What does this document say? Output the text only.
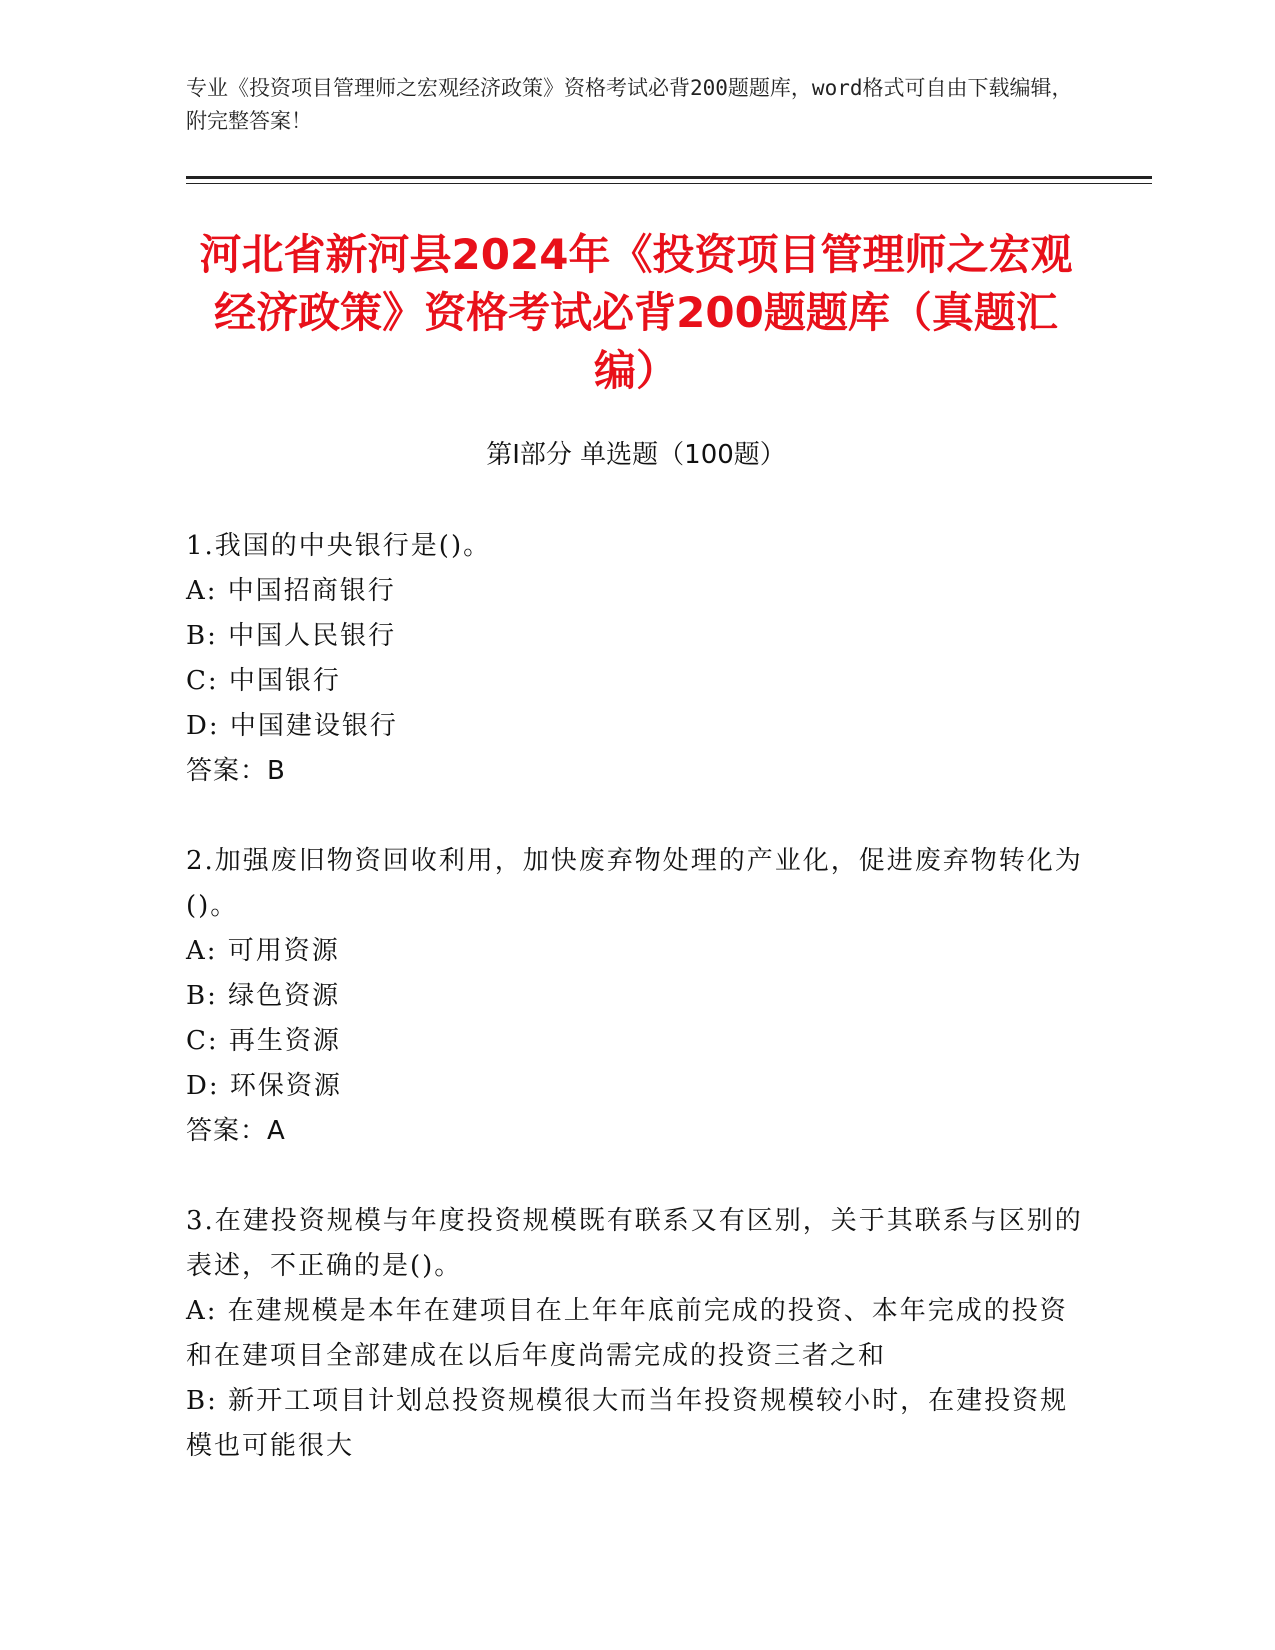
专业《投资项目管理师之宏观经济政策》资格考试必背200题题库，word格式可自由下载编辑，附完整答案！
河北省新河县2024年《投资项目管理师之宏观经济政策》资格考试必背200题题库（真题汇编）
第I部分 单选题（100题）
1.我国的中央银行是()。
A: 中国招商银行
B: 中国人民银行
C: 中国银行
D: 中国建设银行
答案：B
2.加强废旧物资回收利用，加快废弃物处理的产业化，促进废弃物转化为()。
A: 可用资源
B: 绿色资源
C: 再生资源
D: 环保资源
答案：A
3.在建投资规模与年度投资规模既有联系又有区别，关于其联系与区别的表述，不正确的是()。
A: 在建规模是本年在建项目在上年年底前完成的投资、本年完成的投资和在建项目全部建成在以后年度尚需完成的投资三者之和
B: 新开工项目计划总投资规模很大而当年投资规模较小时，在建投资规模也可能很大
